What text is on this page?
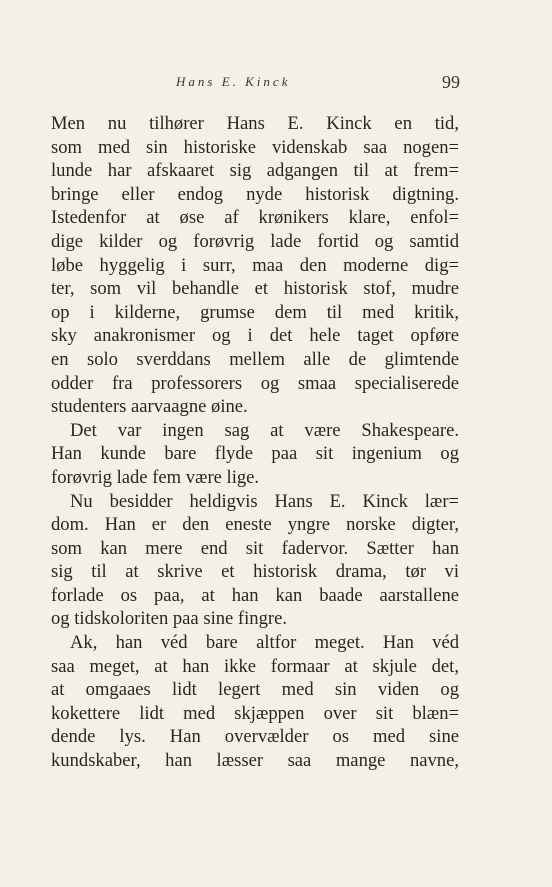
Hans E. Kinck	99
Men nu tilhører Hans E. Kinck en tid,
som med sin historiske videnskab saa nogen=
lunde har afskaaret sig adgangen til at frem=
bringe eller endog nyde historisk digtning.
Istedenfor at øse af krønikers klare, enfol=
dige kilder og forøvrig lade fortid og samtid
løbe hyggelig i surr, maa den moderne dig=
ter, som vil behandle et historisk stof, mudre
op i kilderne, grumse dem til med kritik,
sky anakronismer og i det hele taget opføre
en solo sverddans mellem alle de glimtende
odder fra professorers og smaa specialiserede
studenters aarvaagne øine.
Det var ingen sag at være Shakespeare.
Han kunde bare flyde paa sit ingenium og
forøvrig lade fem være lige.
Nu besidder heldigvis Hans E. Kinck lær=
dom. Han er den eneste yngre norske digter,
som kan mere end sit fadervor. Sætter han
sig til at skrive et historisk drama, tør vi
forlade os paa, at han kan baade aarstallene
og tidskoloriten paa sine fingre.
Ak, han véd bare altfor meget. Han véd
saa meget, at han ikke formaar at skjule det,
at omgaaes lidt legert med sin viden og
kokettere lidt med skjæppen over sit blæn=
dende lys. Han overvælder os med sine
kundskaber, han læsser saa mange navne,
